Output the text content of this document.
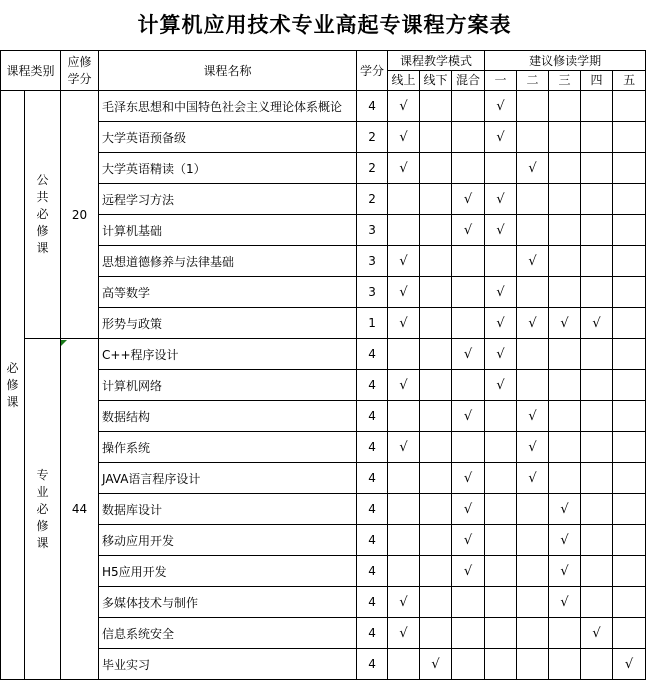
计算机应用技术专业高起专课程方案表
课程类别		应修学分	课程名称	学分	课程教学模式			建议修读学期				
					线上	线下	混合	一	二	三	四	五
必修课	公共必修课	20	毛泽东思想和中国特色社会主义理论体系概论	4	√			√				
			大学英语预备级	2	√			√				
			大学英语精读（1）	2	√				√			
			远程学习方法	2			√	√				
			计算机基础	3			√	√				
			思想道德修养与法律基础	3	√				√			
			高等数学	3	√			√				
			形势与政策	1	√			√	√	√	√	
	专业必修课	44	C++程序设计	4			√	√				
			计算机网络	4	√			√				
			数据结构	4			√		√			
			操作系统	4	√				√			
			JAVA语言程序设计	4			√		√			
			数据库设计	4			√			√		
			移动应用开发	4			√			√		
			H5应用开发	4			√			√		
			多媒体技术与制作	4	√					√		
			信息系统安全	4	√						√	
			毕业实习	4		√						√
